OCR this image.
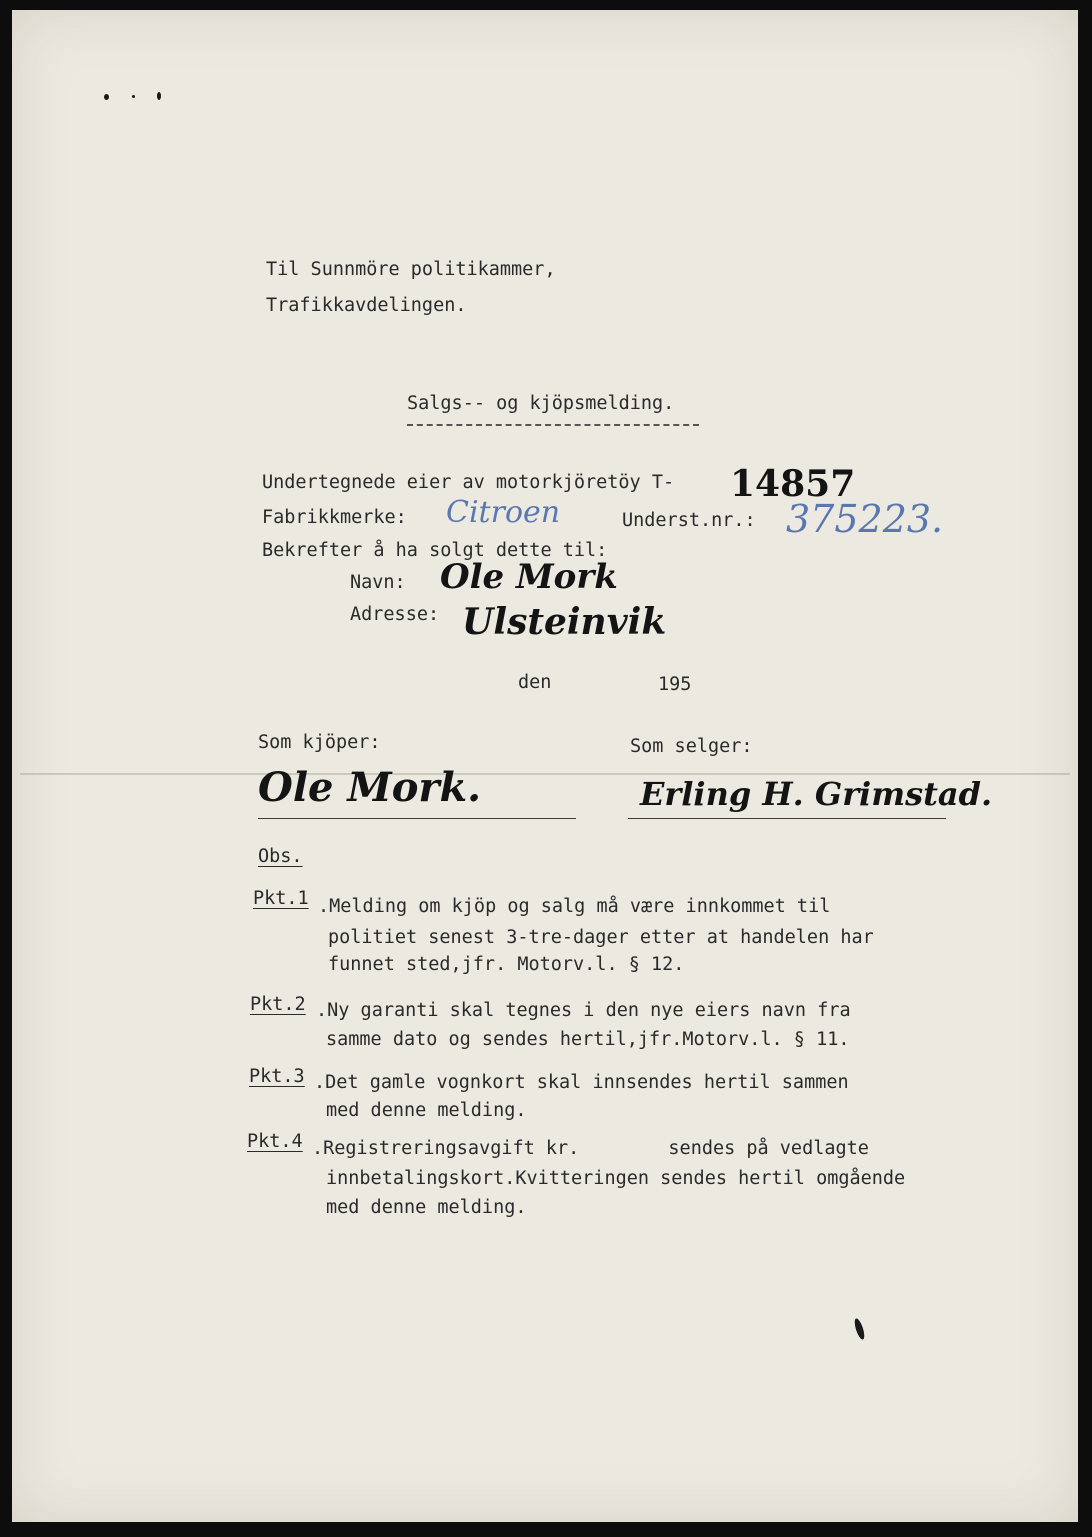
Til Sunnmöre politikammer,
Trafikkavdelingen.
Salgs-- og kjöpsmelding.
Undertegnede eier av motorkjöretöy T- 14857
Fabrikkmerke: Citroen	Underst.nr.: 375223.
Bekrefter å ha solgt dette til:
Navn: Ole Mork
Adresse: Ulsteinvik
den	195
Som kjöper:	Som selger:
Ole Mork.	Erling H. Grimstad.
Obs.
Pkt.1 .Melding om kjöp og salg må være innkommet til
politiet senest 3-tre-dager etter at handelen har
funnet sted,jfr. Motorv.l. § 12.
Pkt.2 .Ny garanti skal tegnes i den nye eiers navn fra
samme dato og sendes hertil,jfr.Motorv.l. § 11.
Pkt.3 .Det gamle vognkort skal innsendes hertil sammen
med denne melding.
Pkt.4 .Registreringsavgift kr.        sendes på vedlagte
innbetalingskort.Kvitteringen sendes hertil omgående
med denne melding.
